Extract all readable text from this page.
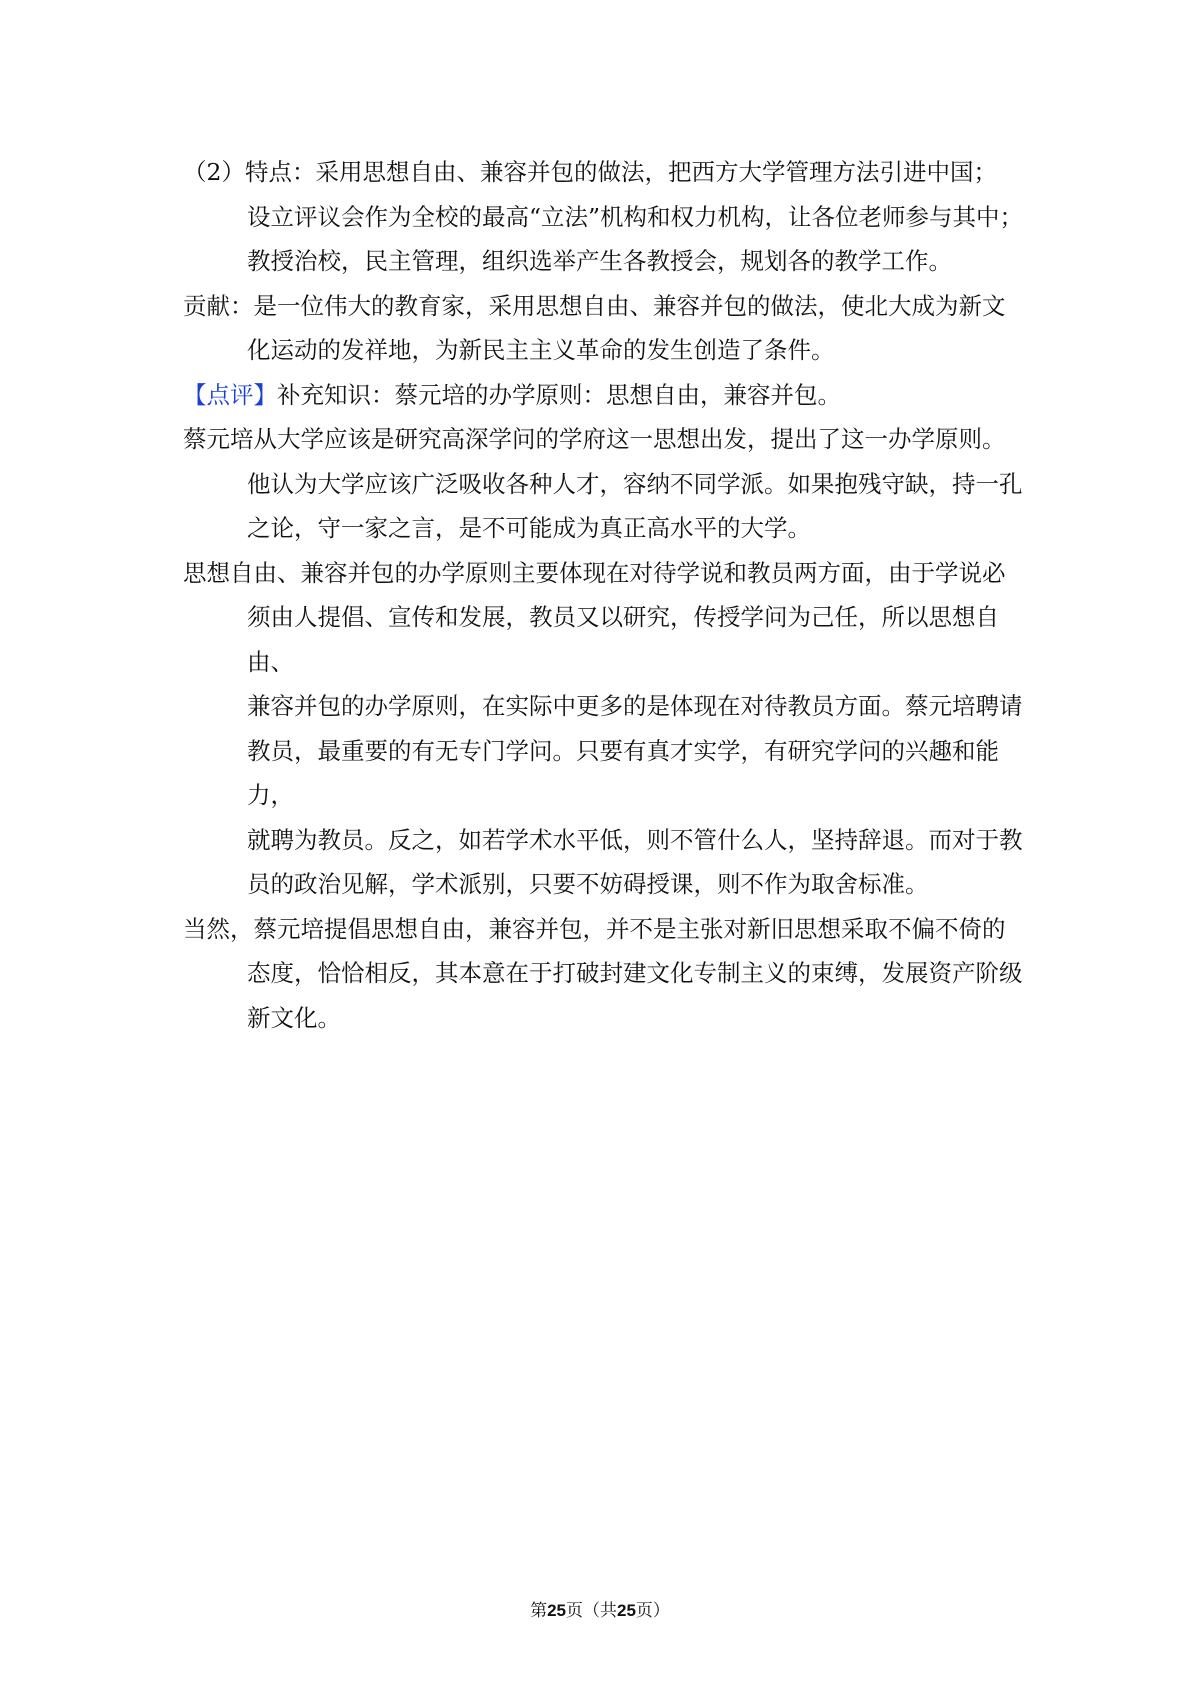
（2）特点：采用思想自由、兼容并包的做法，把西方大学管理方法引进中国；
设立评议会作为全校的最高“立法”机构和权力机构，让各位老师参与其中；
教授治校，民主管理，组织选举产生各教授会，规划各的教学工作。

贡献：是一位伟大的教育家，采用思想自由、兼容并包的做法，使北大成为新文
化运动的发祥地，为新民主主义革命的发生创造了条件。

【点评】补充知识：蔡元培的办学原则：思想自由，兼容并包。

蔡元培从大学应该是研究高深学问的学府这一思想出发，提出了这一办学原则。
他认为大学应该广泛吸收各种人才，容纳不同学派。如果抱残守缺，持一孔
之论，守一家之言，是不可能成为真正高水平的大学。

思想自由、兼容并包的办学原则主要体现在对待学说和教员两方面，由于学说必
须由人提倡、宣传和发展，教员又以研究，传授学问为己任，所以思想自由、
兼容并包的办学原则，在实际中更多的是体现在对待教员方面。蔡元培聘请
教员，最重要的有无专门学问。只要有真才实学，有研究学问的兴趣和能力，
就聘为教员。反之，如若学术水平低，则不管什么人，坚持辞退。而对于教
员的政治见解，学术派别，只要不妨碍授课，则不作为取舍标准。

当然，蔡元培提倡思想自由，兼容并包，并不是主张对新旧思想采取不偏不倚的
态度，恰恰相反，其本意在于打破封建文化专制主义的束缚，发展资产阶级
新文化。

第25页（共25页）
